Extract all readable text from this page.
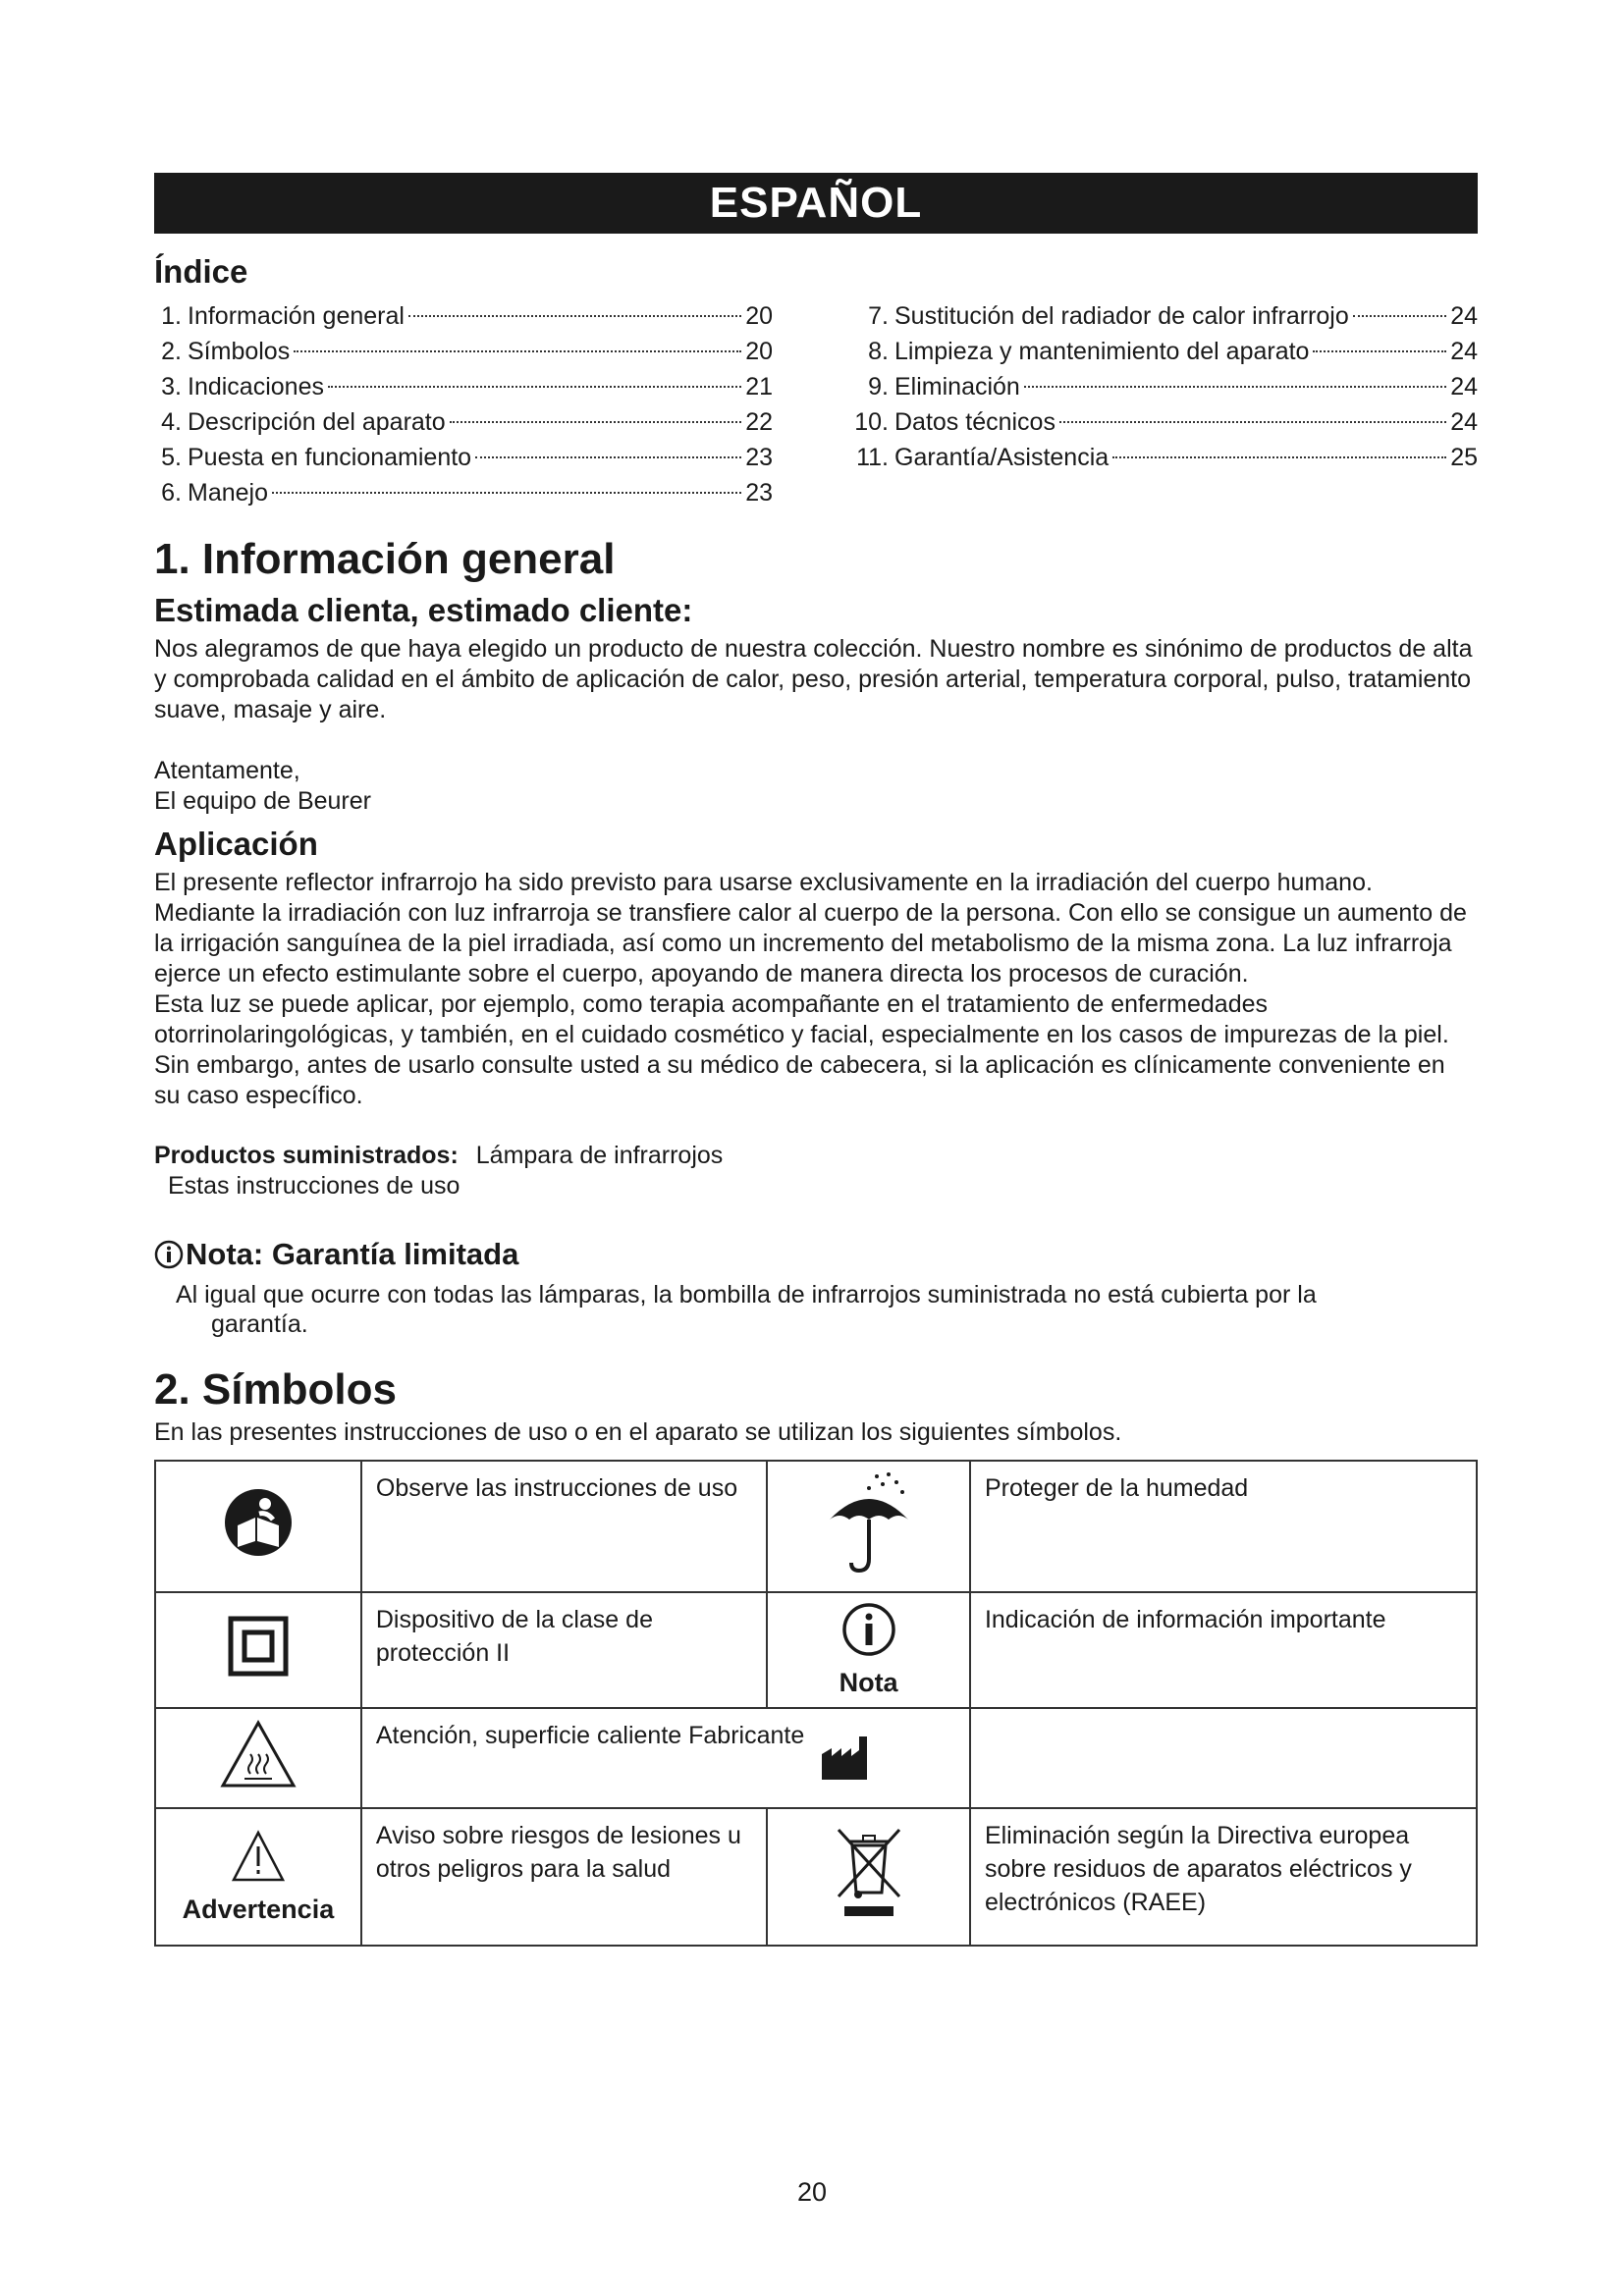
ESPAÑOL
Índice
1. Información general	20
2. Símbolos	20
3. Indicaciones	21
4. Descripción del aparato	22
5. Puesta en funcionamiento	23
6. Manejo	23
7. Sustitución del radiador de calor infrarrojo	24
8. Limpieza y mantenimiento del aparato	24
9. Eliminación	24
10. Datos técnicos	24
11. Garantía/Asistencia	25
1. Información general
Estimada clienta, estimado cliente:

Nos alegramos de que haya elegido un producto de nuestra colección. Nuestro nombre es sinónimo de productos de alta y comprobada calidad en el ámbito de aplicación de calor, peso, presión arterial, temperatura corporal, pulso, tratamiento suave, masaje y aire.

Atentamente,

El equipo de Beurer

Aplicación

El presente reflector infrarrojo ha sido previsto para usarse exclusivamente en la irradiación del cuerpo humano.

Mediante la irradiación con luz infrarroja se transfiere calor al cuerpo de la persona. Con ello se consigue un aumento de la irrigación sanguínea de la piel irradiada, así como un incremento del metabolismo de la misma zona. La luz infrarroja ejerce un efecto estimulante sobre el cuerpo, apoyando de manera directa los procesos de curación.

Esta luz se puede aplicar, por ejemplo, como terapia acompañante en el tratamiento de enfermedades otorrinolaringológicas, y también, en el cuidado cosmético y facial, especialmente en los casos de impurezas de la piel.

Sin embargo, antes de usarlo consulte usted a su médico de cabecera, si la aplicación es clínicamente conveniente en su caso específico.

Productos suministrados: Lámpara de infrarrojos
Estas instrucciones de uso
Nota: Garantía limitada
Al igual que ocurre con todas las lámparas, la bombilla de infrarrojos suministrada no está cubierta por la
garantía.
2. Símbolos
En las presentes instrucciones de uso o en el aparato se utilizan los siguientes símbolos.
	Observe las instrucciones de uso		Proteger de la humedad
	Dispositivo de la clase de protección II	Nota	Indicación de información importante
	Atención, superficie caliente Fabricante	

Advertencia	Aviso sobre riesgos de lesiones u otros peligros para la salud		Eliminación según la Directiva europea sobre residuos de aparatos eléctricos y electrónicos (RAEE)
20
